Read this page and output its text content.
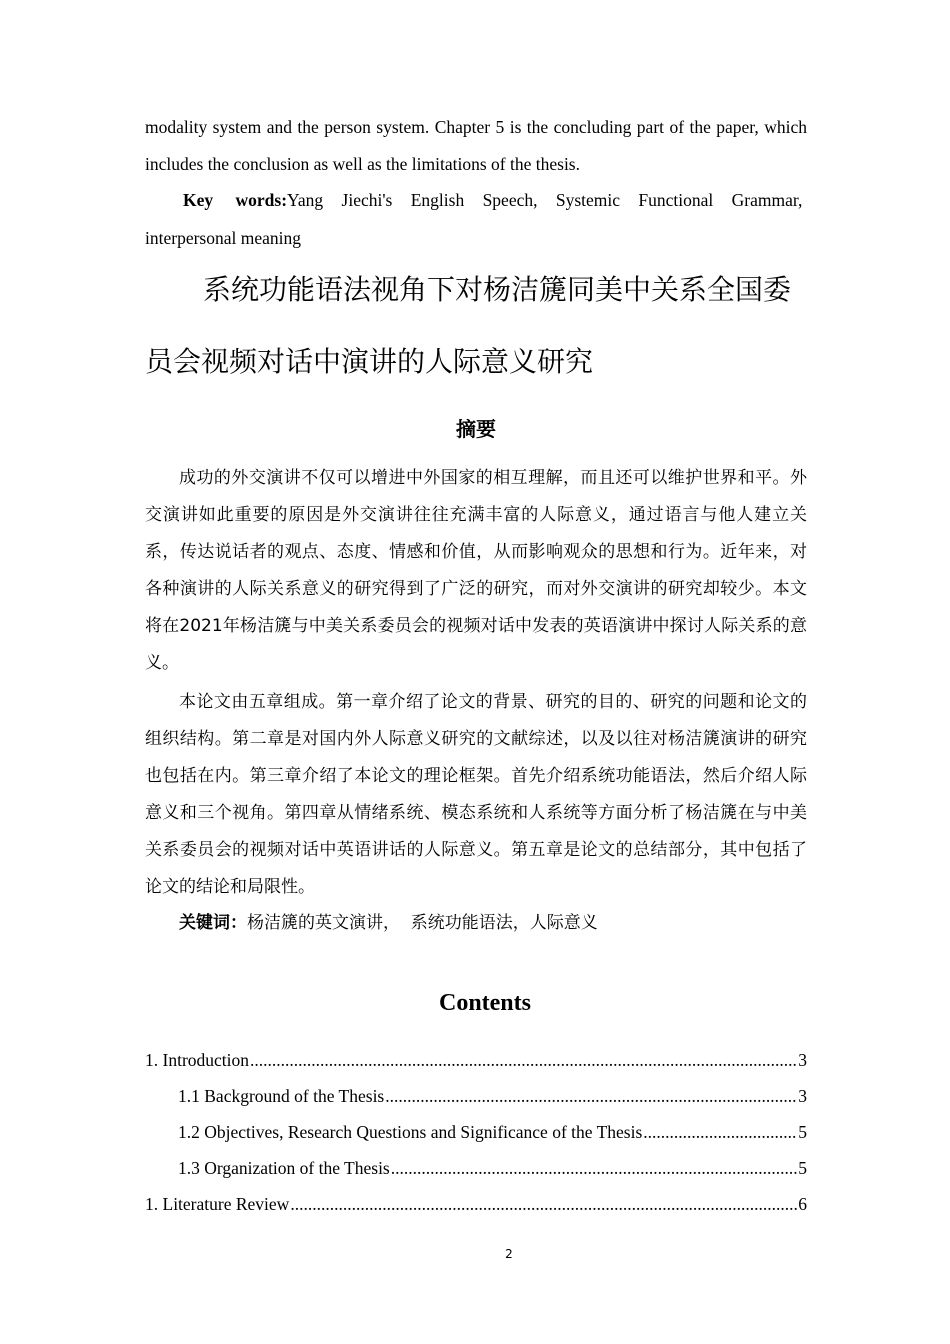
modality system and the person system. Chapter 5 is the concluding part of the paper, which includes the conclusion as well as the limitations of the thesis.

Key words: Yang Jiechi's English Speech, Systemic Functional Grammar,
interpersonal meaning
系统功能语法视角下对杨洁篪同美中关系全国委
员会视频对话中演讲的人际意义研究
摘要

成功的外交演讲不仅可以增进中外国家的相互理解，而且还可以维护世界和平。外交演讲如此重要的原因是外交演讲往往充满丰富的人际意义，通过语言与他人建立关系，传达说话者的观点、态度、情感和价值，从而影响观众的思想和行为。近年来，对各种演讲的人际关系意义的研究得到了广泛的研究，而对外交演讲的研究却较少。本文将在2021年杨洁篪与中美关系委员会的视频对话中发表的英语演讲中探讨人际关系的意义。

本论文由五章组成。第一章介绍了论文的背景、研究的目的、研究的问题和论文的组织结构。第二章是对国内外人际意义研究的文献综述，以及以往对杨洁篪演讲的研究也包括在内。第三章介绍了本论文的理论框架。首先介绍系统功能语法，然后介绍人际意义和三个视角。第四章从情绪系统、模态系统和人系统等方面分析了杨洁篪在与中美关系委员会的视频对话中英语讲话的人际意义。第五章是论文的总结部分，其中包括了论文的结论和局限性。

关键词：杨洁篪的英文演讲，  系统功能语法，人际意义
Contents
1. Introduction .....	3
1.1 Background of the Thesis .....	3
1.2 Objectives, Research Questions and Significance of the Thesis .....	5
1.3 Organization of the Thesis .....	5
1. Literature Review .....	6
2
